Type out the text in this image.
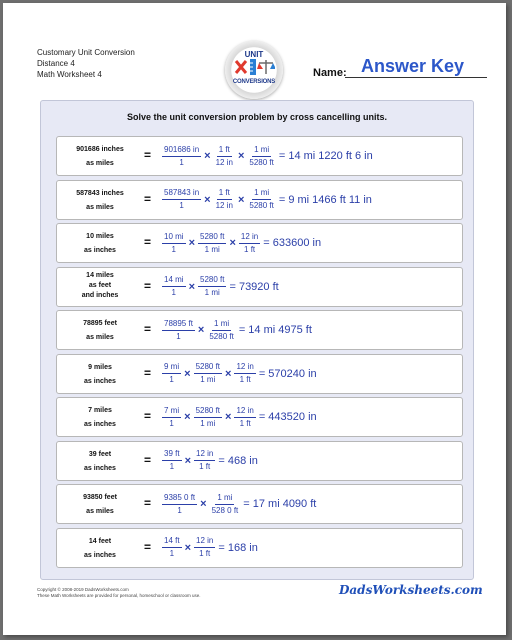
Customary Unit Conversion
Distance 4
Math Worksheet 4
UNIT
CONVERSIONS
Answer Key
Name:
Solve the unit conversion problem by cross cancelling units.
901686 inches
as miles
= $\frac{901686 in}{1} \times \frac{1 ft}{12 in} \times \frac{1 mi}{5280 ft} = 14$ mi 1220 ft 6 in
587843 inches
as miles
= $\frac{587843 in}{1} \times \frac{1 ft}{12 in} \times \frac{1 mi}{5280 ft} = 9$ mi 1466 ft 11 in
10 miles
as inches
= $\frac{10 mi}{1} \times \frac{5280 ft}{1 mi} \times \frac{12 in}{1 ft} = 633600$ in
14 miles
as feet
and inches
= $\frac{14 mi}{1} \times \frac{5280 ft}{1 mi} = 73920$ ft
78895 feet
as miles
= $\frac{78895 ft}{1} \times \frac{1 mi}{5280 ft} = 14$ mi 4975 ft
9 miles
as inches
= $\frac{9 mi}{1} \times \frac{5280 ft}{1 mi} \times \frac{12 in}{1 ft} = 570240$ in
7 miles
as inches
= $\frac{7 mi}{1} \times \frac{5280 ft}{1 mi} \times \frac{12 in}{1 ft} = 443520$ in
39 feet
as inches
= $\frac{39 ft}{1} \times \frac{12 in}{1 ft} = 468$ in
93850 feet
as miles
= $\frac{9385 0 ft}{1} \times \frac{1 mi}{528 0 ft} = 17$ mi 4090 ft
14 feet
as inches
= $\frac{14 ft}{1} \times \frac{12 in}{1 ft} = 168$ in
Copyright © 2008-2019 DadsWorksheets.com
These Math Worksheets are provided for personal, homeschool or classroom use.	DadsWorksheets.com
